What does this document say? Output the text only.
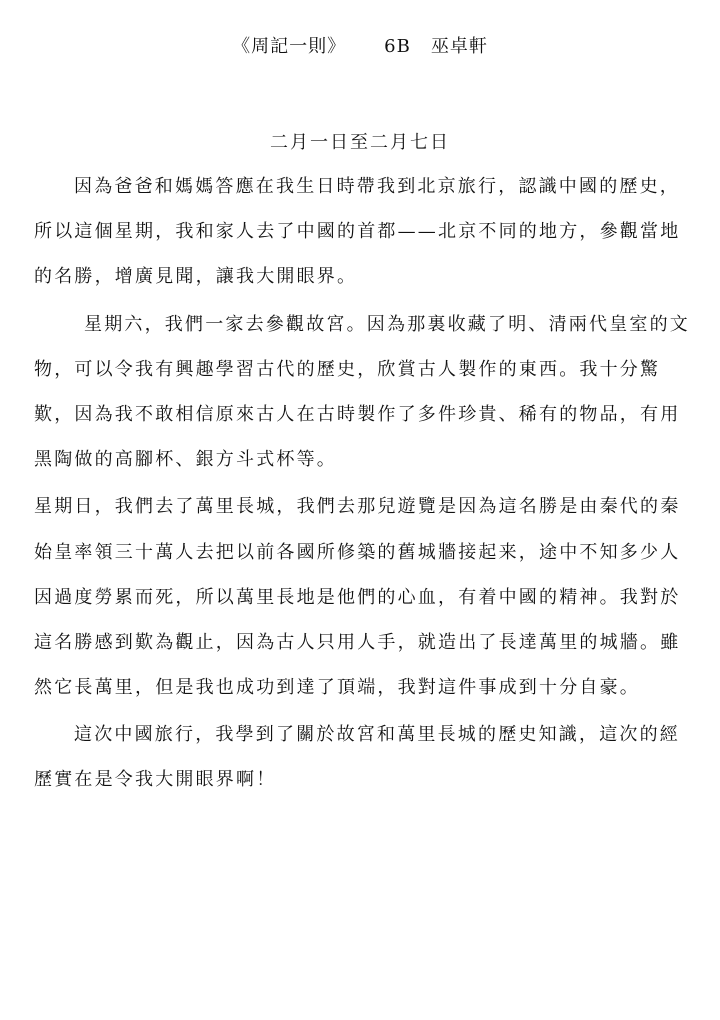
《周記一則》 6B 巫卓軒
二月一日至二月七日
因為爸爸和媽媽答應在我生日時帶我到北京旅行，認識中國的歷史，
所以這個星期，我和家人去了中國的首都——北京不同的地方，參觀當地
的名勝，增廣見聞，讓我大開眼界。
星期六，我們一家去參觀故宮。因為那裏收藏了明、清兩代皇室的文
物，可以令我有興趣學習古代的歷史，欣賞古人製作的東西。我十分驚
歎，因為我不敢相信原來古人在古時製作了多件珍貴、稀有的物品，有用
黑陶做的高腳杯、銀方斗式杯等。
星期日，我們去了萬里長城，我們去那兒遊覽是因為這名勝是由秦代的秦
始皇率領三十萬人去把以前各國所修築的舊城牆接起来，途中不知多少人
因過度勞累而死，所以萬里長地是他們的心血，有着中國的精神。我對於
這名勝感到歎為觀止，因為古人只用人手，就造出了長達萬里的城牆。雖
然它長萬里，但是我也成功到達了頂端，我對這件事成到十分自豪。
這次中國旅行，我學到了關於故宮和萬里長城的歷史知識，這次的經
歷實在是令我大開眼界啊！
